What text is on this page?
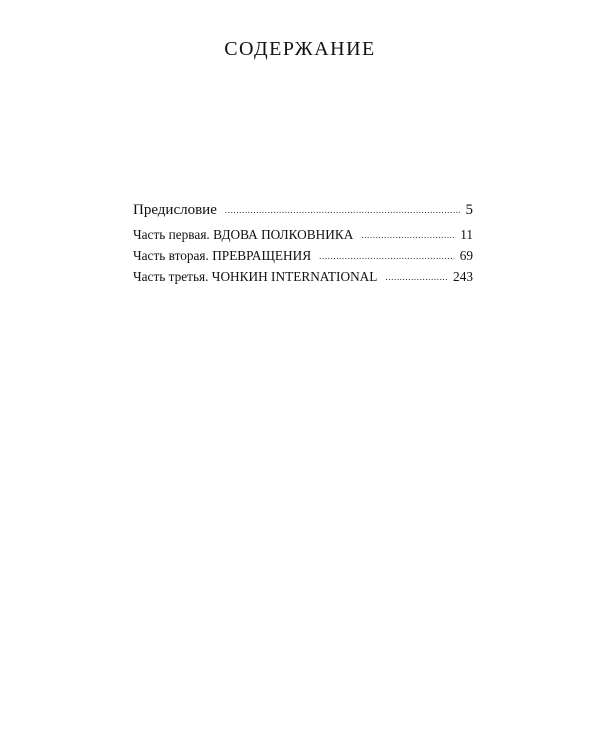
СОДЕРЖАНИЕ
Предисловие .....	5
Часть первая. ВДОВА ПОЛКОВНИКА .....	11
Часть вторая. ПРЕВРАЩЕНИЯ .....	69
Часть третья. ЧОНКИН INTERNATIONAL .....	243
